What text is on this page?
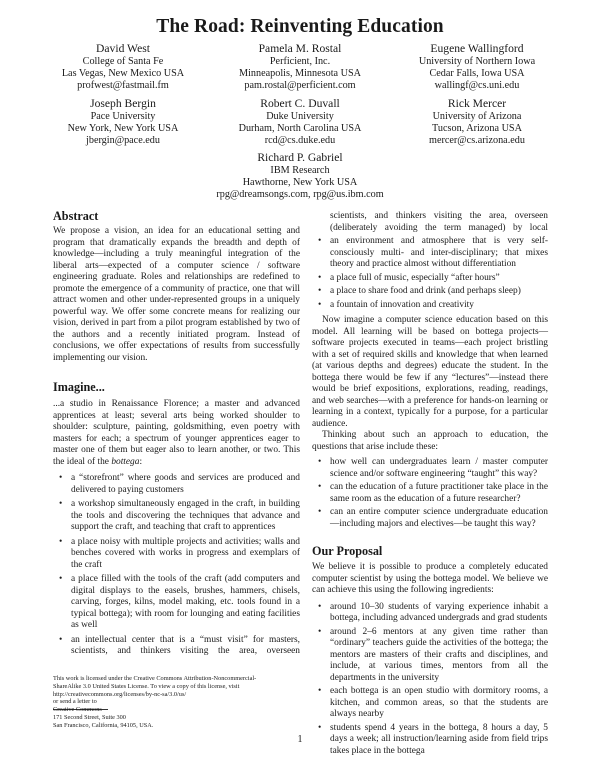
The Road: Reinventing Education
David West
College of Santa Fe
Las Vegas, New Mexico USA
profwest@fastmail.fm
Pamela M. Rostal
Perficient, Inc.
Minneapolis, Minnesota USA
pam.rostal@perficient.com
Eugene Wallingford
University of Northern Iowa
Cedar Falls, Iowa USA
wallingf@cs.uni.edu
Joseph Bergin
Pace University
New York, New York USA
jbergin@pace.edu
Robert C. Duvall
Duke University
Durham, North Carolina USA
rcd@cs.duke.edu
Rick Mercer
University of Arizona
Tucson, Arizona USA
mercer@cs.arizona.edu
Richard P. Gabriel
IBM Research
Hawthorne, New York USA
rpg@dreamsongs.com, rpg@us.ibm.com
Abstract

We propose a vision, an idea for an educational setting and program that dramatically expands the breadth and depth of knowledge—including a truly meaningful integration of the liberal arts—expected of a computer science / software engineering graduate. Roles and relationships are redefined to promote the emergence of a community of practice, one that will attract women and other under-represented groups in a uniquely powerful way. We offer some concrete means for realizing our vision, derived in part from a pilot program established by two of the authors and a recently initiated program. Instead of conclusions, we offer expectations of results from successfully implementing our vision.

Imagine...

...a studio in Renaissance Florence; a master and advanced apprentices at least; several arts being worked shoulder to shoulder: sculpture, painting, goldsmithing, even poetry with masters for each; a spectrum of younger apprentices eager to master one of them but eager also to learn another, or two. This the ideal of the bottega:

• a “storefront” where goods and services are produced and delivered to paying customers
• a workshop simultaneously engaged in the craft, in building the tools and discovering the techniques that advance and support the craft, and teaching that craft to apprentices
• a place noisy with multiple projects and activities; walls and benches covered with works in progress and exemplars of the craft
• a place filled with the tools of the craft (add computers and digital displays to the easels, brushes, hammers, chisels, carving, forges, kilns, model making, etc. tools found in a typical bottega); with room for lounging and eating facilities as well
• an intellectual center that is a “must visit” for masters, scientists, and thinkers visiting the area, overseen
This work is licensed under the Creative Commons Attribution-Noncommercial-
ShareAlike 3.0 United States License. To view a copy of this license, visit
http://creativecommons.org/licenses/by-nc-sa/3.0/us/
or send a letter to
Creative Commons
171 Second Street, Suite 300
San Francisco, California, 94105, USA.

scientists, and thinkers visiting the area, overseen (deliberately avoiding the term managed) by local

• an environment and atmosphere that is very self-consciously multi- and inter-disciplinary; that mixes theory and practice almost without differentiation
• a place full of music, especially “after hours”
• a place to share food and drink (and perhaps sleep)
• a fountain of innovation and creativity

Now imagine a computer science education based on this model. All learning will be based on bottega projects—software projects executed in teams—each project bristling with a set of required skills and knowledge that when learned (at various depths and degrees) educate the student. In the bottega there would be few if any “lectures”—instead there would be brief expositions, explorations, reading, readings, and web searches—with a preference for hands-on learning or learning in a context, typically for a purpose, for a particular audience.

Thinking about such an approach to education, the questions that arise include these:

• how well can undergraduates learn / master computer science and/or software engineering “taught” this way?
• can the education of a future practitioner take place in the same room as the education of a future researcher?
• can an entire computer science undergraduate education—including majors and electives—be taught this way?
Our Proposal

We believe it is possible to produce a completely educated computer scientist by using the bottega model. We believe we can achieve this using the following ingredients:

• around 10–30 students of varying experience inhabit a bottega, including advanced undergrads and grad students
• around 2–6 mentors at any given time rather than “ordinary” teachers guide the activities of the bottega; the mentors are masters of their crafts and disciplines, and include, at various times, mentors from all the departments in the university
• each bottega is an open studio with dormitory rooms, a kitchen, and common areas, so that the students are always nearby
• students spend 4 years in the bottega, 8 hours a day, 5 days a week; all instruction/learning aside from field trips takes place in the bottega
1
